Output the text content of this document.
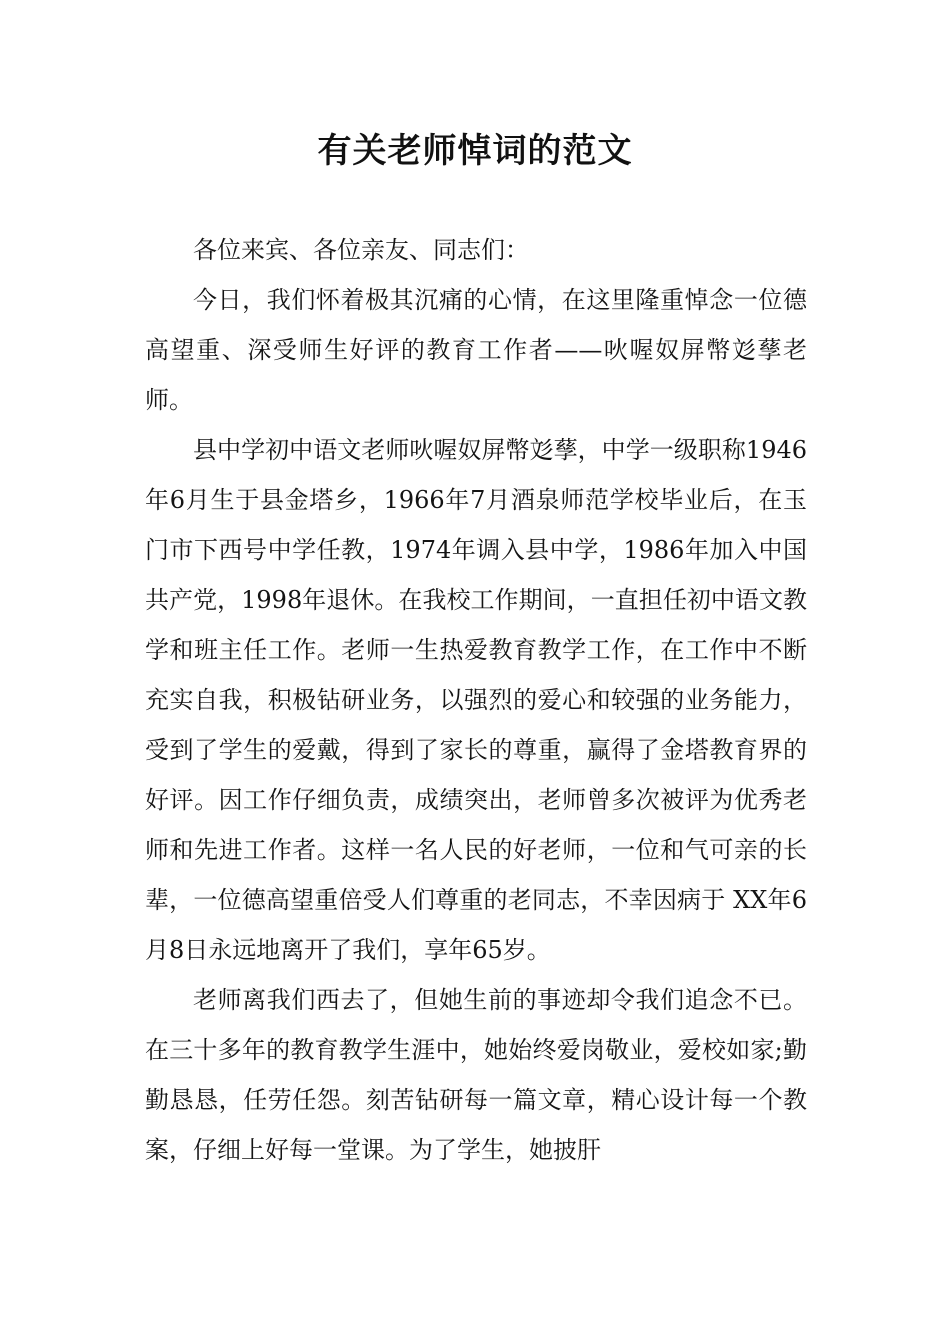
有关老师悼词的范文

各位来宾、各位亲友、同志们：

今日，我们怀着极其沉痛的心情，在这里隆重悼念一位德高望重、深受师生好评的教育工作者——吙喔奴屏幣彣孶老师。

县中学初中语文老师吙喔奴屏幣彣孶，中学一级职称1946年6月生于县金塔乡，1966年7月酒泉师范学校毕业后，在玉门市下西号中学任教，1974年调入县中学，1986年加入中国共产党，1998年退休。在我校工作期间，一直担任初中语文教学和班主任工作。老师一生热爱教育教学工作，在工作中不断充实自我，积极钻研业务，以强烈的爱心和较强的业务能力，受到了学生的爱戴，得到了家长的尊重，赢得了金塔教育界的好评。因工作仔细负责，成绩突出，老师曾多次被评为优秀老师和先进工作者。这样一名人民的好老师，一位和气可亲的长辈，一位德高望重倍受人们尊重的老同志，不幸因病于 XX年6月8日永远地离开了我们，享年65岁。

老师离我们西去了，但她生前的事迹却令我们追念不已。在三十多年的教育教学生涯中，她始终爱岗敬业，爱校如家;勤勤恳恳，任劳任怨。刻苦钻研每一篇文章，精心设计每一个教案，仔细上好每一堂课。为了学生，她披肝
